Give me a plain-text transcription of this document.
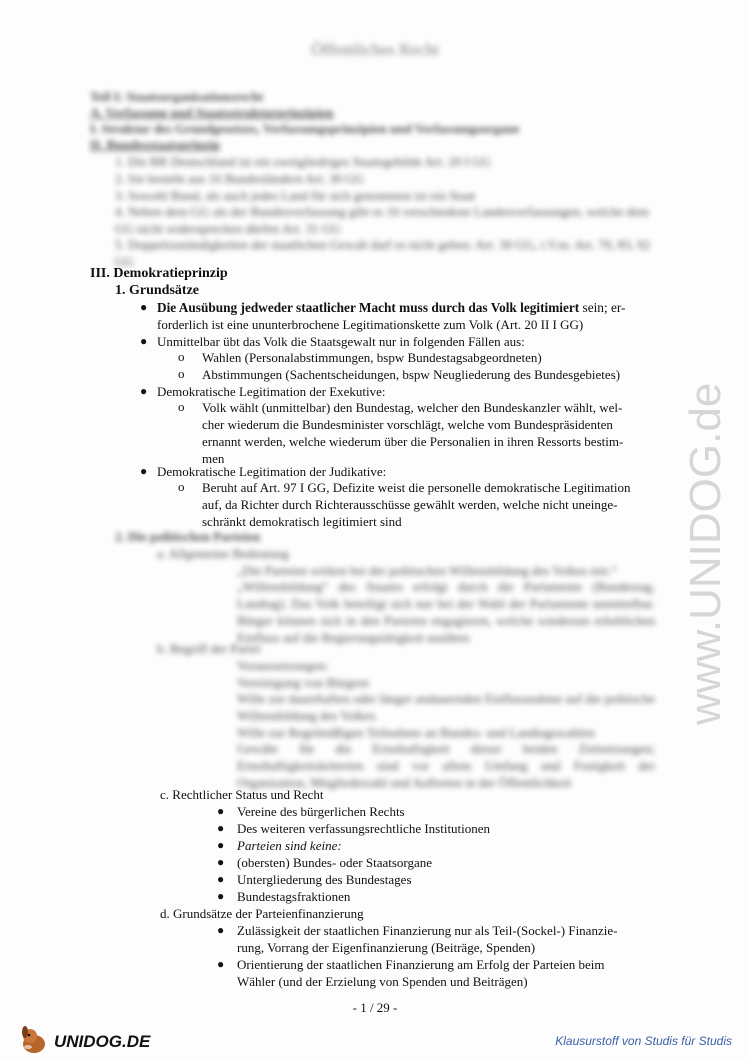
Öffentliches Recht
Teil I: Staatsorganisationsrecht
A. Verfassung und Staatsstrukturprinzipien
I. Struktur des Grundgesetzes, Verfassungsprinzipien und Verfassungsorgane
II. Bundesstaatsprinzip
1. Die BR Deutschland ist ein zweigliedriges Staatsgebilde Art. 20 I GG
2. Sie besteht aus 16 Bundesländern Art. 30 GG
3. Sowohl Bund, als auch jedes Land für sich genommen ist ein Staat
4. Neben dem GG als der Bundesverfassung gibt es 16 verschiedene Landesverfassungen, welche dem GG nicht widersprechen dürfen Art. 31 GG
5. Doppelzuständigkeiten der staatlichen Gewalt darf es nicht geben: Art. 30 GG, i.V.m. Art. 70, 83, 92 GG
III. Demokratieprinzip
1. Grundsätze
● Die Ausübung jedweder staatlicher Macht muss durch das Volk legitimiert sein; er-
forderlich ist eine ununterbrochene Legitimationskette zum Volk (Art. 20 II I GG)
● Unmittelbar übt das Volk die Staatsgewalt nur in folgenden Fällen aus:
o Wahlen (Personalabstimmungen, bspw Bundestagsabgeordneten)
o Abstimmungen (Sachentscheidungen, bspw Neugliederung des Bundesgebietes)
● Demokratische Legitimation der Exekutive:
o Volk wählt (unmittelbar) den Bundestag, welcher den Bundeskanzler wählt, wel-
cher wiederum die Bundesminister vorschlägt, welche vom Bundespräsidenten
ernannt werden, welche wiederum über die Personalien in ihren Ressorts bestim-
men
● Demokratische Legitimation der Judikative:
o Beruht auf Art. 97 I GG, Defizite weist die personelle demokratische Legitimation
auf, da Richter durch Richterausschüsse gewählt werden, welche nicht uneinge-
schränkt demokratisch legitimiert sind
2. Die politischen Parteien
a. Allgemeine Bedeutung
„Die Parteien wirken bei der politischen Willensbildung des Volkes mit.“
„Willensbildung“ des Staates erfolgt durch die Parlamente (Bundestag, Landtag). Das Volk beteiligt sich nur bei der Wahl der Parlamente unmittelbar. Bürger können sich in den Parteien engagieren, welche wiederum erheblichen Einfluss auf die Regierungstätigkeit ausüben
b. Begriff der Partei
Voraussetzungen:
Vereinigung von Bürgern
Wille zur dauerhaften oder länger andauernden Einflussnahme auf die politische Willensbildung des Volkes
Wille zur Regelmäßigen Teilnahme an Bundes- und Landtagswahlen
Gewähr für die Ernsthaftigkeit dieser beiden Zielsetzungen; Ernsthaftigkeitskriterien sind vor allem Umfang und Festigkeit der Organisation, Mitgliederzahl und Auftreten in der Öffentlichkeit
c. Rechtlicher Status und Recht
● Vereine des bürgerlichen Rechts
● Des weiteren verfassungsrechtliche Institutionen
● Parteien sind keine:
● (obersten) Bundes- oder Staatsorgane
● Untergliederung des Bundestages
● Bundestagsfraktionen
d. Grundsätze der Parteienfinanzierung
● Zulässigkeit der staatlichen Finanzierung nur als Teil-(Sockel-) Finanzie-
rung, Vorrang der Eigenfinanzierung (Beiträge, Spenden)
● Orientierung der staatlichen Finanzierung am Erfolg der Parteien beim
Wähler (und der Erzielung von Spenden und Beiträgen)
www.UNIDOG.de
- 1 / 29 -
UNIDOG.DE	Klausurstoff von Studis für Studis
